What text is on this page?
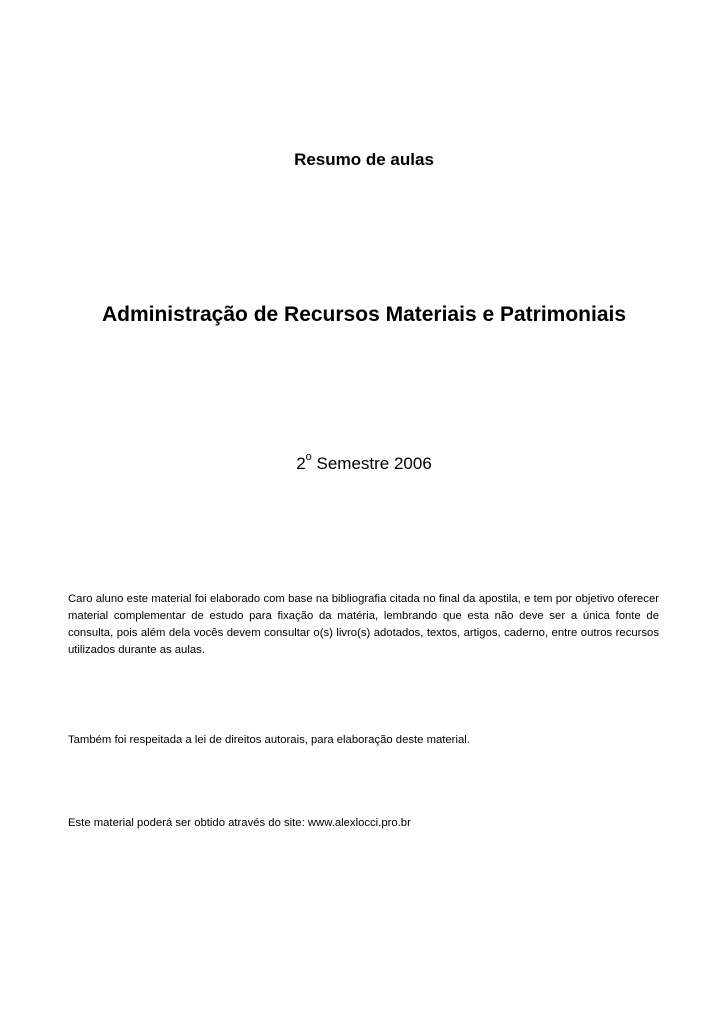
Resumo de aulas
Administração de Recursos Materiais e Patrimoniais
2$^o$ Semestre 2006

Caro aluno este material foi elaborado com base na bibliografia citada no final da apostila, e tem por objetivo oferecer material complementar de estudo para fixação da matéria, lembrando que esta não deve ser a única fonte de consulta, pois além dela vocês devem consultar o(s) livro(s) adotados, textos, artigos, caderno, entre outros recursos utilizados durante as aulas.

Também foi respeitada a lei de direitos autorais, para elaboração deste material.

Este material poderá ser obtido através do site: www.alexlocci.pro.br
